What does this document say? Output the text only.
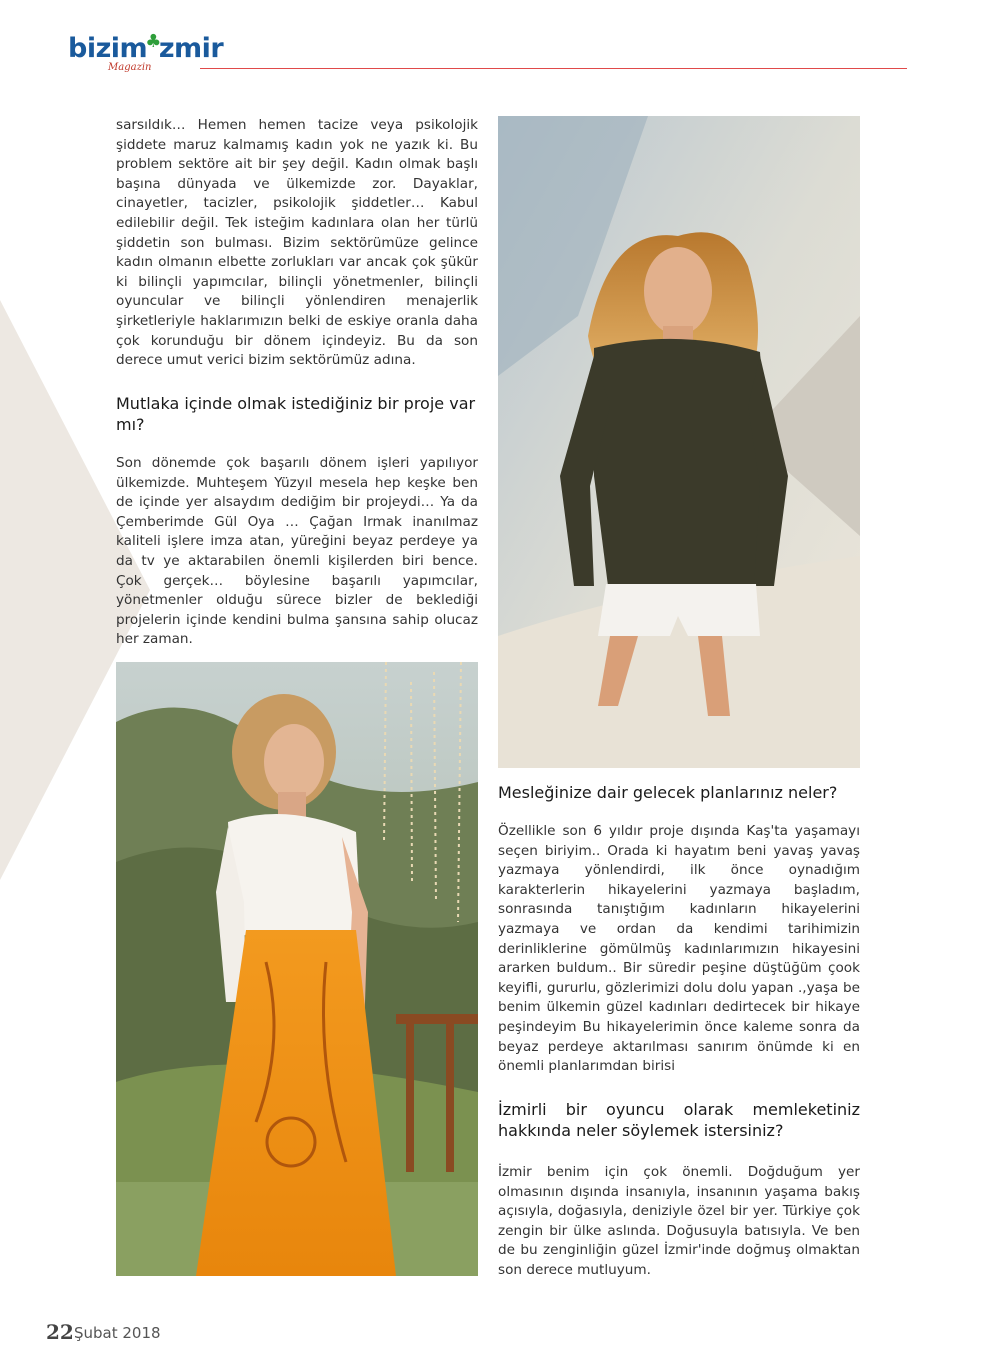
bizim♣zmir
Magazin
sarsıldık… Hemen hemen tacize veya psikolojik şiddete maruz kalmamış kadın yok ne yazık ki. Bu problem sektöre ait bir şey değil. Kadın olmak başlı başına dünyada ve ülkemizde zor. Dayaklar, cinayetler, tacizler, psikolojik şiddetler… Kabul edilebilir değil. Tek isteğim kadınlara olan her türlü şiddetin son bulması. Bizim sektörümüze gelince kadın olmanın elbette zorlukları var ancak çok şükür ki bilinçli yapımcılar, bilinçli yönetmenler, bilinçli oyuncular ve bilinçli yönlendiren menajerlik şirketleriyle haklarımızın belki de eskiye oranla daha çok korunduğu bir dönem içindeyiz. Bu da son derece umut verici bizim sektörümüz adına.
Mutlaka içinde olmak istediğiniz bir proje var mı?
Son dönemde çok başarılı dönem işleri yapılıyor ülkemizde. Muhteşem Yüzyıl mesela hep keşke ben de içinde yer alsaydım dediğim bir projeydi… Ya da Çemberimde Gül Oya … Çağan Irmak inanılmaz kaliteli işlere imza atan, yüreğini beyaz perdeye ya da tv ye aktarabilen önemli kişilerden biri bence. Çok gerçek… böylesine başarılı yapımcılar, yönetmenler olduğu sürece bizler de beklediği projelerin içinde kendini bulma şansına sahip olucaz her zaman.
Mesleğinize dair gelecek planlarınız neler?
Özellikle son 6 yıldır proje dışında Kaş'ta yaşamayı seçen biriyim.. Orada ki hayatım beni yavaş yavaş yazmaya yönlendirdi, ilk önce oynadığım karakterlerin hikayelerini yazmaya başladım, sonrasında tanıştığım kadınların hikayelerini yazmaya ve ordan da kendimi tarihimizin derinliklerine gömülmüş kadınlarımızın hikayesini ararken buldum.. Bir süredir peşine düştüğüm çook keyifli, gururlu, gözlerimizi dolu dolu yapan .,yaşa be benim ülkemin güzel kadınları dedirtecek bir hikaye peşindeyim Bu hikayelerimin önce kaleme sonra da beyaz perdeye aktarılması sanırım önümde ki en önemli planlarımdan birisi
İzmirli bir oyuncu olarak memleketiniz hakkında neler söylemek istersiniz?
İzmir benim için çok önemli. Doğduğum yer olmasının dışında insanıyla, insanının yaşama bakış açısıyla, doğasıyla, deniziyle özel bir yer. Türkiye çok zengin bir ülke aslında. Doğusuyla batısıyla. Ve ben de bu zenginliğin güzel İzmir'inde doğmuş olmaktan son derece mutluyum.
22 Şubat 2018
